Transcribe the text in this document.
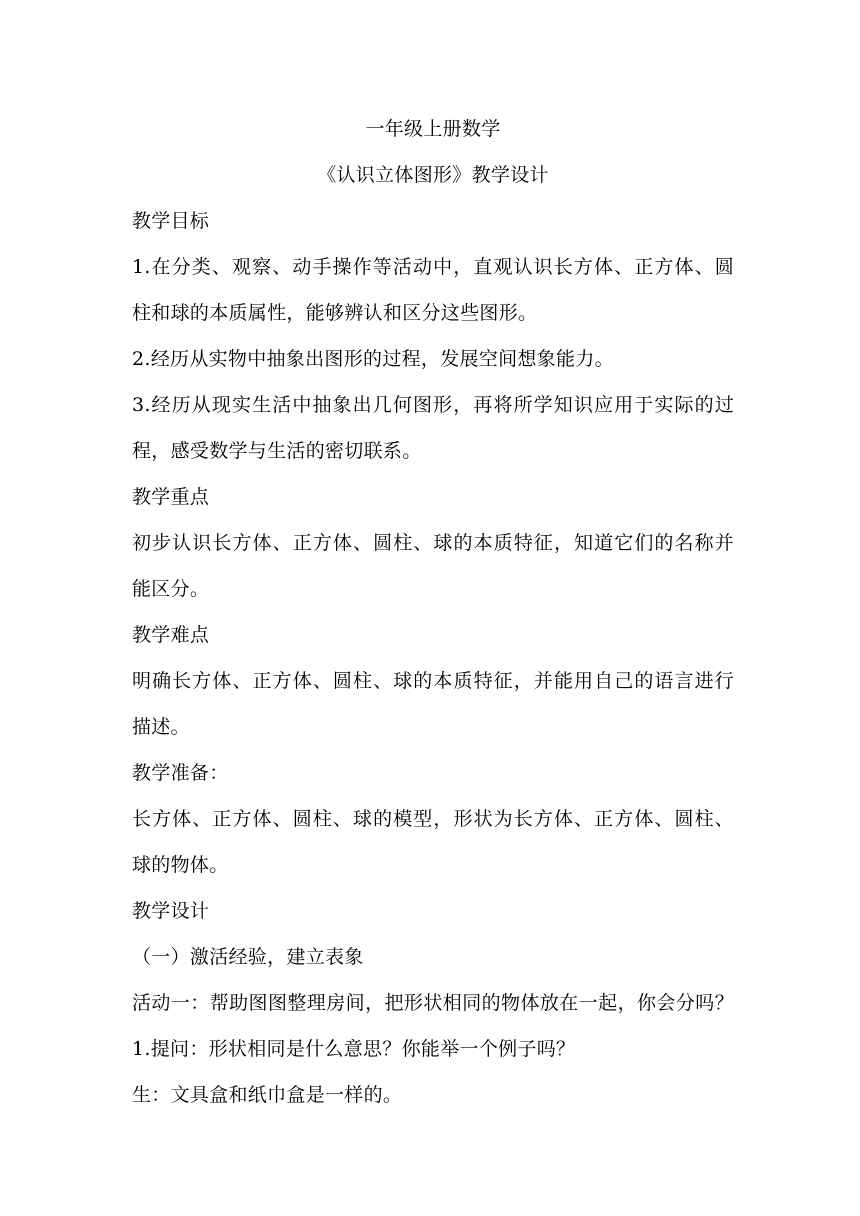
一年级上册数学

《认识立体图形》教学设计

教学目标

1.在分类、观察、动手操作等活动中，直观认识长方体、正方体、圆

柱和球的本质属性，能够辨认和区分这些图形。

2.经历从实物中抽象出图形的过程，发展空间想象能力。

3.经历从现实生活中抽象出几何图形，再将所学知识应用于实际的过

程，感受数学与生活的密切联系。

教学重点

初步认识长方体、正方体、圆柱、球的本质特征，知道它们的名称并

能区分。

教学难点

明确长方体、正方体、圆柱、球的本质特征，并能用自己的语言进行

描述。

教学准备：

长方体、正方体、圆柱、球的模型，形状为长方体、正方体、圆柱、

球的物体。

教学设计

（一）激活经验，建立表象

活动一：帮助图图整理房间，把形状相同的物体放在一起，你会分吗？

1.提问：形状相同是什么意思？你能举一个例子吗？

生：文具盒和纸巾盒是一样的。
